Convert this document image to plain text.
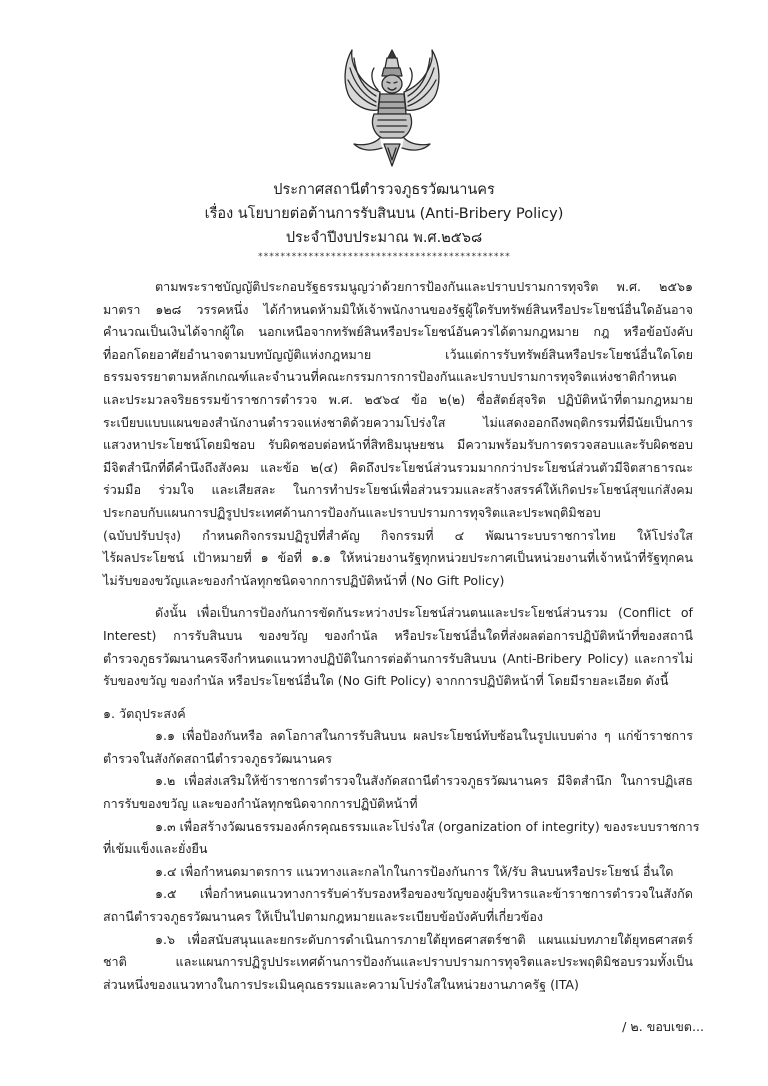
ประกาศสถานีตำรวจภูธรวัฒนานคร
เรื่อง นโยบายต่อต้านการรับสินบน (Anti-Bribery Policy)
ประจำปีงบประมาณ พ.ศ.๒๕๖๘
*********************************************
ตามพระราชบัญญัติประกอบรัฐธรรมนูญว่าด้วยการป้องกันและปราบปรามการทุจริต พ.ศ. ๒๕๖๑
มาตรา ๑๒๘ วรรคหนึ่ง ได้กำหนดห้ามมิให้เจ้าพนักงานของรัฐผู้ใดรับทรัพย์สินหรือประโยชน์อื่นใดอันอาจ
คำนวณเป็นเงินได้จากผู้ใด นอกเหนือจากทรัพย์สินหรือประโยชน์อันควรได้ตามกฎหมาย กฎ หรือข้อบังคับ
ที่ออกโดยอาศัยอำนาจตามบทบัญญัติแห่งกฎหมาย เว้นแต่การรับทรัพย์สินหรือประโยชน์อื่นใดโดย
ธรรมจรรยาตามหลักเกณฑ์และจำนวนที่คณะกรรมการการป้องกันและปราบปรามการทุจริตแห่งชาติกำหนด
และประมวลจริยธรรมข้าราชการตำรวจ พ.ศ. ๒๕๖๔ ข้อ ๒(๒) ซื่อสัตย์สุจริต ปฏิบัติหน้าที่ตามกฎหมาย
ระเบียบแบบแผนของสำนักงานตำรวจแห่งชาติด้วยความโปร่งใส ไม่แสดงออกถึงพฤติกรรมที่มีนัยเป็นการ
แสวงหาประโยชน์โดยมิชอบ รับผิดชอบต่อหน้าที่สิทธิมนุษยชน มีความพร้อมรับการตรวจสอบและรับผิดชอบ
มีจิตสำนึกที่ดีคำนึงถึงสังคม และข้อ ๒(๔) คิดถึงประโยชน์ส่วนรวมมากกว่าประโยชน์ส่วนตัวมีจิตสาธารณะ
ร่วมมือ ร่วมใจ และเสียสละ ในการทำประโยชน์เพื่อส่วนรวมและสร้างสรรค์ให้เกิดประโยชน์สุขแก่สังคม
ประกอบกับแผนการปฏิรูปประเทศด้านการป้องกันและปราบปรามการทุจริตและประพฤติมิชอบ
(ฉบับปรับปรุง) กำหนดกิจกรรมปฏิรูปที่สำคัญ กิจกรรมที่ ๔ พัฒนาระบบราชการไทย ให้โปร่งใส
ไร้ผลประโยชน์ เป้าหมายที่ ๑ ข้อที่ ๑.๑ ให้หน่วยงานรัฐทุกหน่วยประกาศเป็นหน่วยงานที่เจ้าหน้าที่รัฐทุกคน
ไม่รับของขวัญและของกำนัลทุกชนิดจากการปฏิบัติหน้าที่ (No Gift Policy)
ดังนั้น เพื่อเป็นการป้องกันการขัดกันระหว่างประโยชน์ส่วนตนและประโยชน์ส่วนรวม (Conflict of
Interest) การรับสินบน ของขวัญ ของกำนัล หรือประโยชน์อื่นใดที่ส่งผลต่อการปฏิบัติหน้าที่ของสถานี
ตำรวจภูธรวัฒนานครจึงกำหนดแนวทางปฏิบัติในการต่อต้านการรับสินบน (Anti-Bribery Policy) และการไม่
รับของขวัญ ของกำนัล หรือประโยชน์อื่นใด (No Gift Policy) จากการปฏิบัติหน้าที่ โดยมีรายละเอียด ดังนี้
๑. วัตถุประสงค์
๑.๑ เพื่อป้องกันหรือ ลดโอกาสในการรับสินบน ผลประโยชน์ทับซ้อนในรูปแบบต่าง ๆ แก่ข้าราชการ
ตำรวจในสังกัดสถานีตำรวจภูธรวัฒนานคร
๑.๒ เพื่อส่งเสริมให้ข้าราชการตำรวจในสังกัดสถานีตำรวจภูธรวัฒนานคร มีจิตสำนึก ในการปฏิเสธ
การรับของขวัญ และของกำนัลทุกชนิดจากการปฏิบัติหน้าที่
๑.๓ เพื่อสร้างวัฒนธรรมองค์กรคุณธรรมและโปร่งใส (organization of integrity) ของระบบราชการ
ที่เข้มแข็งและยั่งยืน
๑.๔ เพื่อกำหนดมาตรการ แนวทางและกลไกในการป้องกันการ ให้/รับ สินบนหรือประโยชน์ อื่นใด
๑.๕ เพื่อกำหนดแนวทางการรับค่ารับรองหรือของขวัญของผู้บริหารและข้าราชการตำรวจในสังกัด
สถานีตำรวจภูธรวัฒนานคร ให้เป็นไปตามกฎหมายและระเบียบข้อบังคับที่เกี่ยวข้อง
๑.๖ เพื่อสนับสนุนและยกระดับการดำเนินการภายใต้ยุทธศาสตร์ชาติ แผนแม่บทภายใต้ยุทธศาสตร์
ชาติ และแผนการปฏิรูปประเทศด้านการป้องกันและปราบปรามการทุจริตและประพฤติมิชอบรวมทั้งเป็น
ส่วนหนึ่งของแนวทางในการประเมินคุณธรรมและความโปร่งใสในหน่วยงานภาครัฐ (ITA)
/ ๒. ขอบเขต...
